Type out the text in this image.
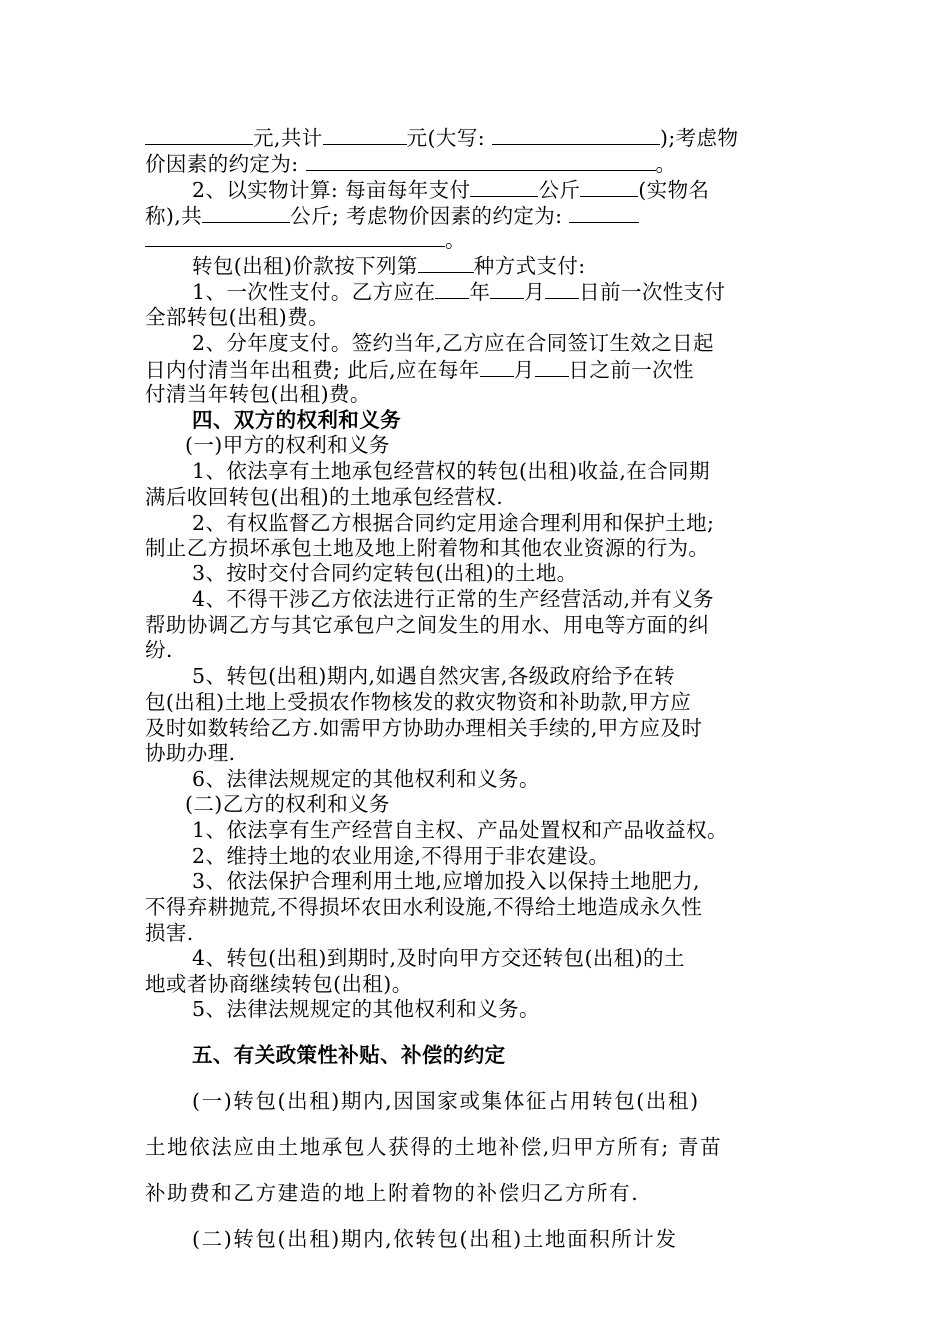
元,共计	元(大写:	);考虑物
价因素的约定为:	。
2、以实物计算: 每亩每年支付	公斤	(实物名
称),共	公斤; 考虑物价因素的约定为:
。
转包(出租)价款按下列第	种方式支付:
1、一次性支付。乙方应在 年 月 日前一次性支付
全部转包(出租)费。
2、分年度支付。签约当年,乙方应在合同签订生效之日起
日内付清当年出租费; 此后,应在每年 月 日之前一次性
付清当年转包(出租)费。
四、双方的权利和义务
(一)甲方的权利和义务
1、依法享有土地承包经营权的转包(出租)收益,在合同期
满后收回转包(出租)的土地承包经营权.
2、有权监督乙方根据合同约定用途合理利用和保护土地;
制止乙方损坏承包土地及地上附着物和其他农业资源的行为。
3、按时交付合同约定转包(出租)的土地。
4、不得干涉乙方依法进行正常的生产经营活动,并有义务
帮助协调乙方与其它承包户之间发生的用水、用电等方面的纠
纷.
5、转包(出租)期内,如遇自然灾害,各级政府给予在转
包(出租)土地上受损农作物核发的救灾物资和补助款,甲方应
及时如数转给乙方.如需甲方协助办理相关手续的,甲方应及时
协助办理.
6、法律法规规定的其他权利和义务。
(二)乙方的权利和义务
1、依法享有生产经营自主权、产品处置权和产品收益权。
2、维持土地的农业用途,不得用于非农建设。
3、依法保护合理利用土地,应增加投入以保持土地肥力,
不得弃耕抛荒,不得损坏农田水利设施,不得给土地造成永久性
损害.
4、转包(出租)到期时,及时向甲方交还转包(出租)的土
地或者协商继续转包(出租)。
5、法律法规规定的其他权利和义务。
五、有关政策性补贴、补偿的约定
(一)转包(出租)期内,因国家或集体征占用转包(出租)
土地依法应由土地承包人获得的土地补偿,归甲方所有; 青苗
补助费和乙方建造的地上附着物的补偿归乙方所有.
(二)转包(出租)期内,依转包(出租)土地面积所计发
